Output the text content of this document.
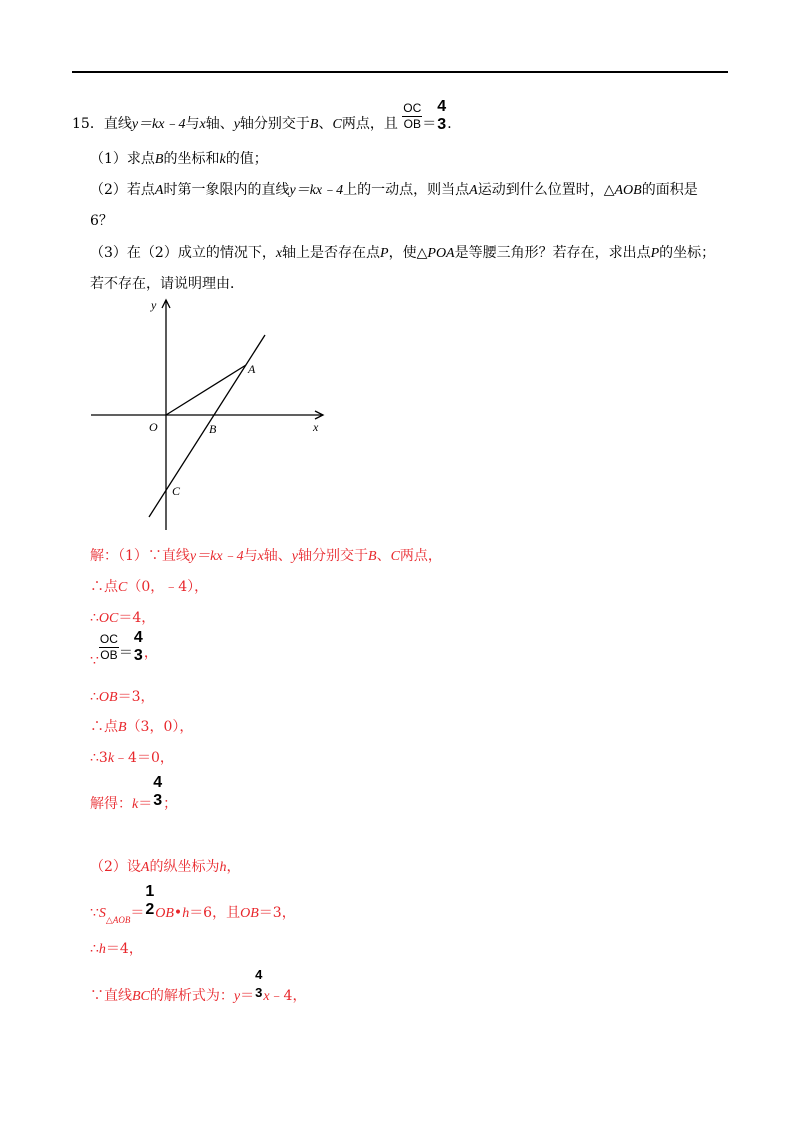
15．直线y＝kx﹣4与x轴、y轴分别交于B、C两点，且 $\frac{OC}{OB}$ ＝
4
3 ．
（1）求点B的坐标和k的值；
（2）若点A时第一象限内的直线y＝kx﹣4上的一动点，则当点A运动到什么位置时，△AOB的面积是
6？
（3）在（2）成立的情况下，x轴上是否存在点P，使△POA是等腰三角形？若存在，求出点P的坐标；
若不存在，请说明理由．
y
x
O
A
B
C
解：（1）∵直线y＝kx﹣4与x轴、y轴分别交于B、C两点，
∴点C（0，﹣4），
∴OC＝4，
∵ $\frac{OC}{OB}$ ＝
4
3 ，
∴OB＝3，
∴点B（3，0），
∴3k﹣4＝0，
解得：k＝
4
3 ；
（2）设A的纵坐标为h，
$\because S_{\triangle AOB}=$
1
2 OB•h＝6，且OB＝3，
∴h＝4，
∵直线BC的解析式为：y＝
4
3 x﹣4，
